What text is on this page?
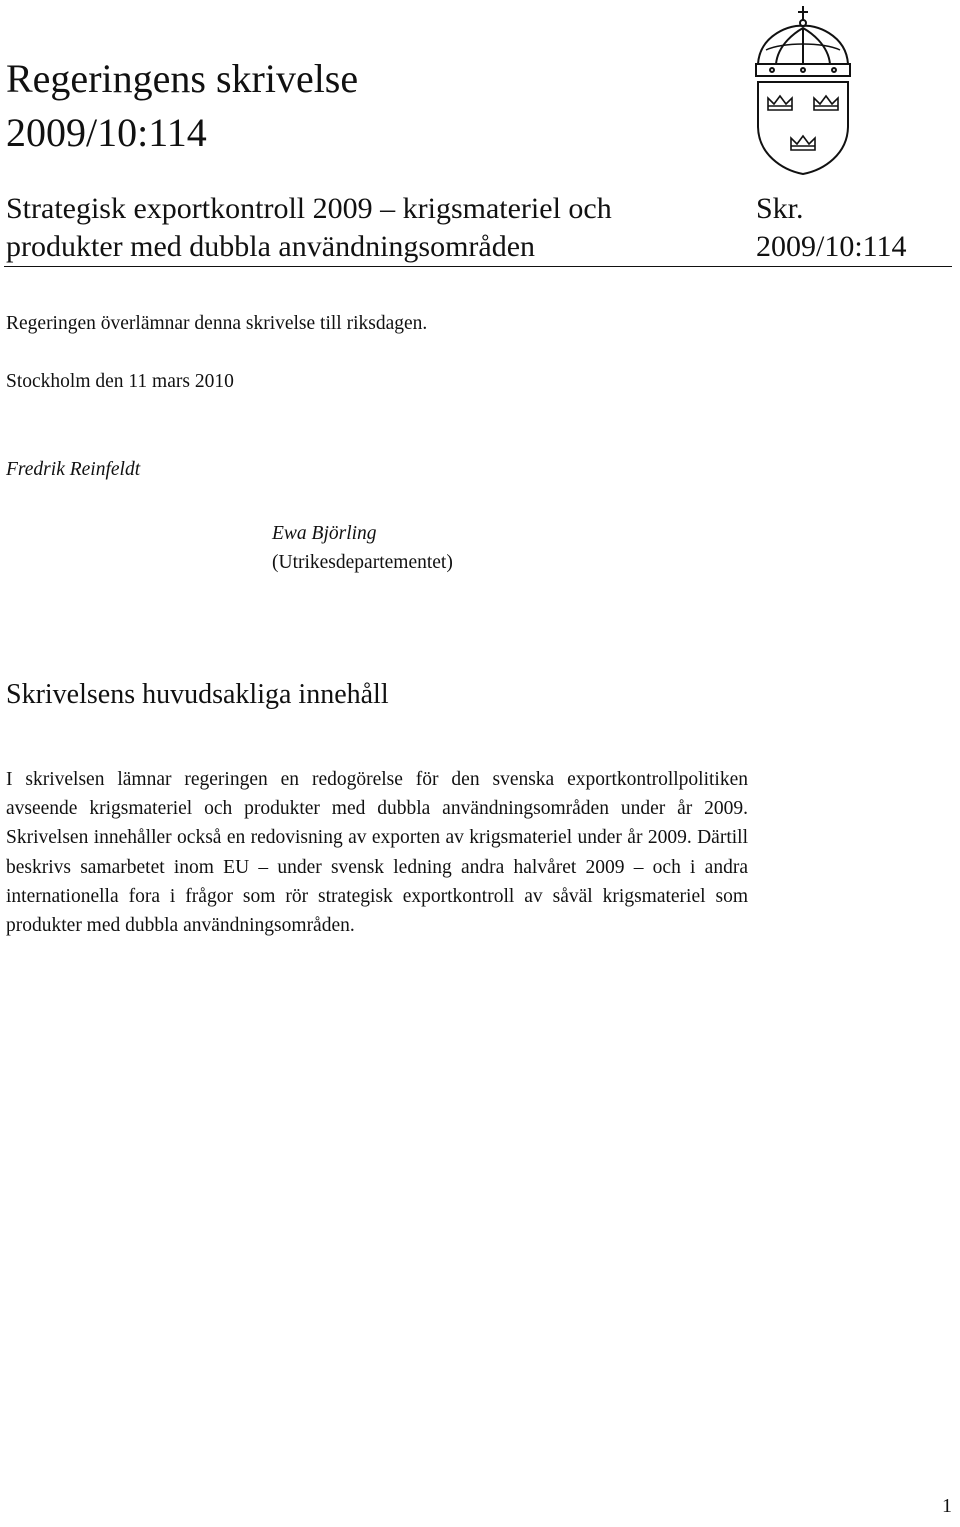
Regeringens skrivelse
2009/10:114
Strategisk exportkontroll 2009 – krigsmateriel och
produkter med dubbla användningsområden
Skr.
2009/10:114
Regeringen överlämnar denna skrivelse till riksdagen.
Stockholm den 11 mars 2010
Fredrik Reinfeldt
Ewa Björling
(Utrikesdepartementet)
Skrivelsens huvudsakliga innehåll
I skrivelsen lämnar regeringen en redogörelse för den svenska exportkontrollpolitiken avseende krigsmateriel och produkter med dubbla användningsområden under år 2009. Skrivelsen innehåller också en redovisning av exporten av krigsmateriel under år 2009. Därtill beskrivs samarbetet inom EU – under svensk ledning andra halvåret 2009 – och i andra internationella fora i frågor som rör strategisk exportkontroll av såväl krigsmateriel som produkter med dubbla användningsområden.
1
